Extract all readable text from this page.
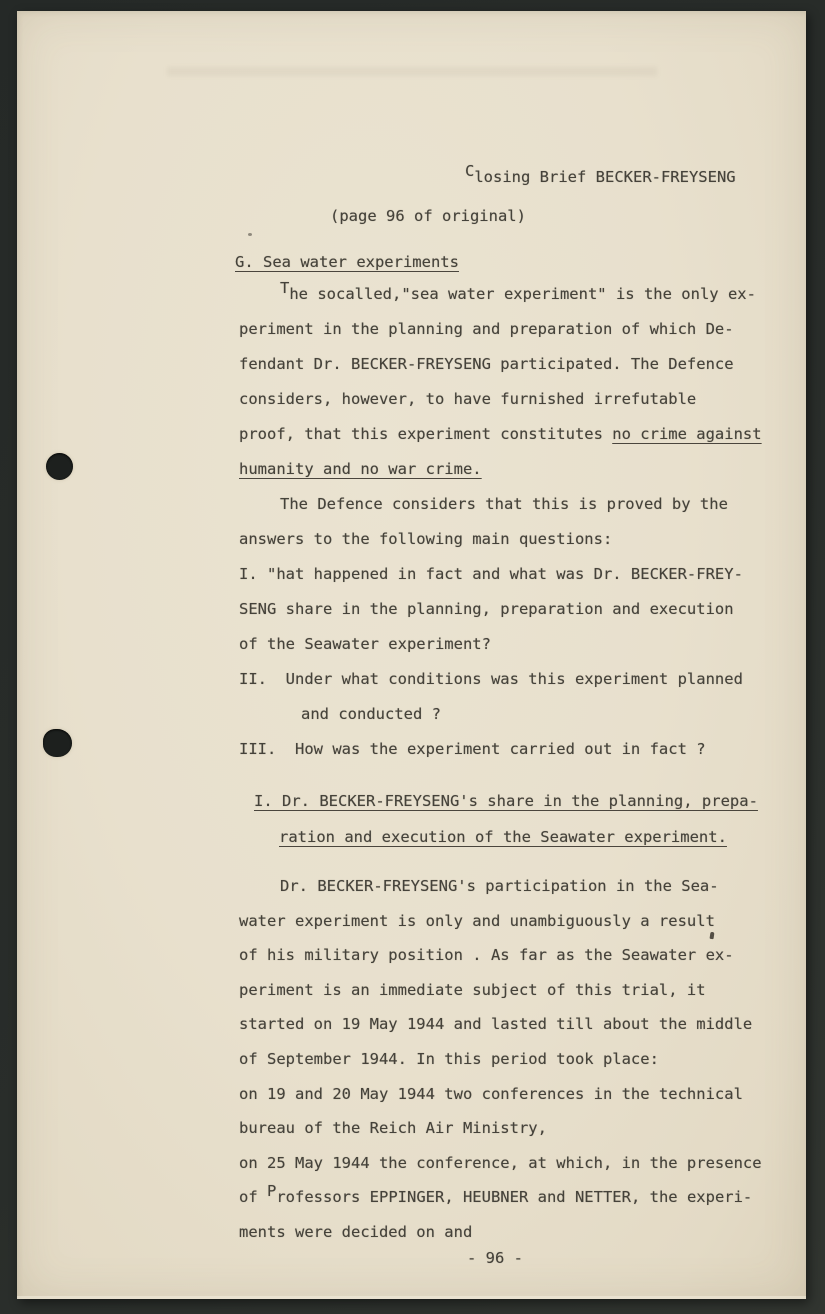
Closing Brief BECKER-FREYSENG
(page 96 of original)
G. Sea water experiments
The socalled,"sea water experiment" is the only ex-
periment in the planning and preparation of which De-
fendant Dr. BECKER-FREYSENG participated. The Defence
considers, however, to have furnished irrefutable
proof, that this experiment constitutes no crime against
humanity and no war crime.
The Defence considers that this is proved by the
answers to the following main questions:
I. "hat happened in fact and what was Dr. BECKER-FREY-
SENG share in the planning, preparation and execution
of the Seawater experiment?
II.  Under what conditions was this experiment planned
and conducted ?
III.  How was the experiment carried out in fact ?
I. Dr. BECKER-FREYSENG's share in the planning, prepa-
ration and execution of the Seawater experiment.
Dr. BECKER-FREYSENG's participation in the Sea-
water experiment is only and unambiguously a result
of his military position . As far as the Seawater ex-
periment is an immediate subject of this trial, it
started on 19 May 1944 and lasted till about the middle
of September 1944. In this period took place:
on 19 and 20 May 1944 two conferences in the technical
bureau of the Reich Air Ministry,
on 25 May 1944 the conference, at which, in the presence
of Professors EPPINGER, HEUBNER and NETTER, the experi-
ments were decided on and
- 96 -
